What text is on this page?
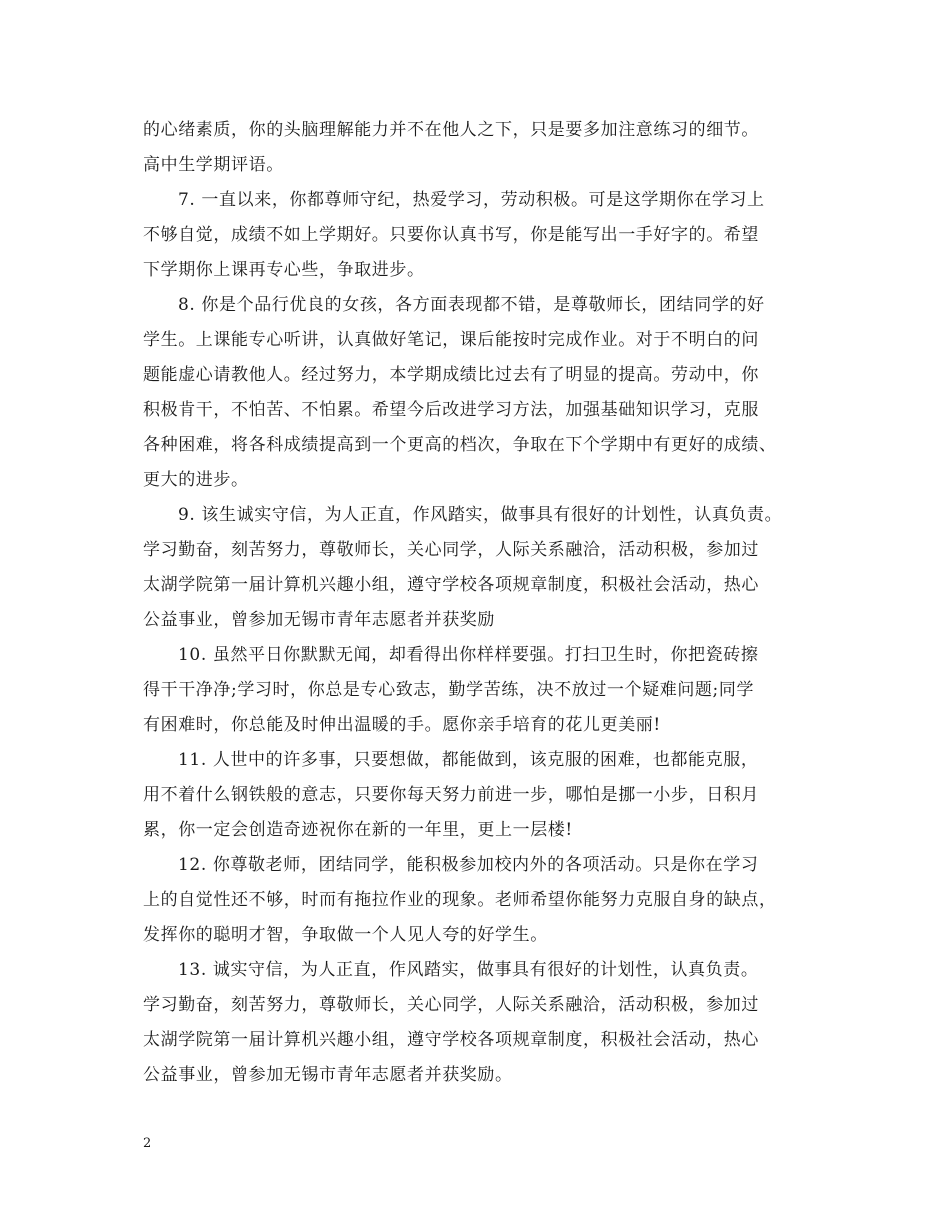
的心绪素质，你的头脑理解能力并不在他人之下，只是要多加注意练习的细节。
高中生学期评语。
7. 一直以来，你都尊师守纪，热爱学习，劳动积极。可是这学期你在学习上
不够自觉，成绩不如上学期好。只要你认真书写，你是能写出一手好字的。希望
下学期你上课再专心些，争取进步。
8. 你是个品行优良的女孩，各方面表现都不错，是尊敬师长，团结同学的好
学生。上课能专心听讲，认真做好笔记，课后能按时完成作业。对于不明白的问
题能虚心请教他人。经过努力，本学期成绩比过去有了明显的提高。劳动中，你
积极肯干，不怕苦、不怕累。希望今后改进学习方法，加强基础知识学习，克服
各种困难，将各科成绩提高到一个更高的档次，争取在下个学期中有更好的成绩、
更大的进步。
9. 该生诚实守信，为人正直，作风踏实，做事具有很好的计划性，认真负责。
学习勤奋，刻苦努力，尊敬师长，关心同学，人际关系融洽，活动积极，参加过
太湖学院第一届计算机兴趣小组，遵守学校各项规章制度，积极社会活动，热心
公益事业，曾参加无锡市青年志愿者并获奖励
10. 虽然平日你默默无闻，却看得出你样样要强。打扫卫生时，你把瓷砖擦
得干干净净;学习时，你总是专心致志，勤学苦练，决不放过一个疑难问题;同学
有困难时，你总能及时伸出温暖的手。愿你亲手培育的花儿更美丽!
11. 人世中的许多事，只要想做，都能做到，该克服的困难，也都能克服，
用不着什么钢铁般的意志，只要你每天努力前进一步，哪怕是挪一小步，日积月
累，你一定会创造奇迹祝你在新的一年里，更上一层楼!
12. 你尊敬老师，团结同学，能积极参加校内外的各项活动。只是你在学习
上的自觉性还不够，时而有拖拉作业的现象。老师希望你能努力克服自身的缺点，
发挥你的聪明才智，争取做一个人见人夸的好学生。
13. 诚实守信，为人正直，作风踏实，做事具有很好的计划性，认真负责。
学习勤奋，刻苦努力，尊敬师长，关心同学，人际关系融洽，活动积极，参加过
太湖学院第一届计算机兴趣小组，遵守学校各项规章制度，积极社会活动，热心
公益事业，曾参加无锡市青年志愿者并获奖励。
2
